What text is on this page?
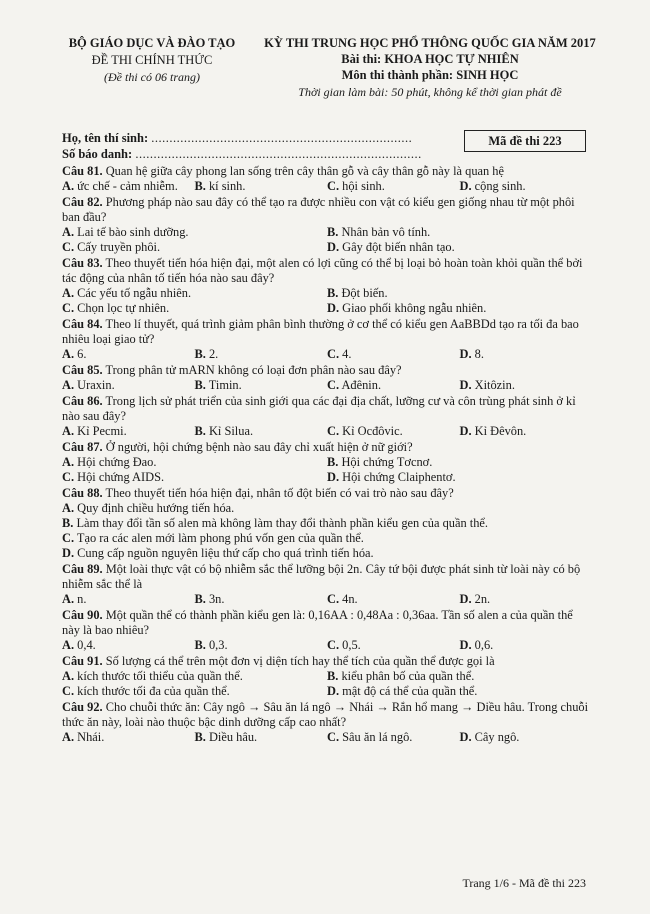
BỘ GIÁO DỤC VÀ ĐÀO TẠO
ĐỀ THI CHÍNH THỨC
(Đề thi có 06 trang)
KỲ THI TRUNG HỌC PHỔ THÔNG QUỐC GIA NĂM 2017
Bài thi: KHOA HỌC TỰ NHIÊN
Môn thi thành phần: SINH HỌC
Thời gian làm bài: 50 phút, không kể thời gian phát đề
Họ, tên thí sinh: ........................................................................
Số báo danh: ...............................................................................
Mã đề thi 223
Câu 81. Quan hệ giữa cây phong lan sống trên cây thân gỗ và cây thân gỗ này là quan hệ
A. ức chế - cảm nhiễm.	B. kí sinh.	C. hội sinh.	D. cộng sinh.
Câu 82. Phương pháp nào sau đây có thể tạo ra được nhiều con vật có kiểu gen giống nhau từ một phôi ban đầu?
A. Lai tế bào sinh dưỡng.	B. Nhân bản vô tính.
C. Cấy truyền phôi.	D. Gây đột biến nhân tạo.
Câu 83. Theo thuyết tiến hóa hiện đại, một alen có lợi cũng có thể bị loại bỏ hoàn toàn khỏi quần thể bởi tác động của nhân tố tiến hóa nào sau đây?
A. Các yếu tố ngẫu nhiên.	B. Đột biến.
C. Chọn lọc tự nhiên.	D. Giao phối không ngẫu nhiên.
Câu 84. Theo lí thuyết, quá trình giảm phân bình thường ở cơ thể có kiểu gen AaBBDd tạo ra tối đa bao nhiêu loại giao tử?
A. 6.	B. 2.	C. 4.	D. 8.
Câu 85. Trong phân tử mARN không có loại đơn phân nào sau đây?
A. Uraxin.	B. Timin.	C. Ađênin.	D. Xitôzin.
Câu 86. Trong lịch sử phát triển của sinh giới qua các đại địa chất, lưỡng cư và côn trùng phát sinh ở kỉ nào sau đây?
A. Kỉ Pecmi.	B. Kỉ Silua.	C. Kỉ Ocđôvic.	D. Kỉ Đêvôn.
Câu 87. Ở người, hội chứng bệnh nào sau đây chỉ xuất hiện ở nữ giới?
A. Hội chứng Đao.	B. Hội chứng Tơcnơ.
C. Hội chứng AIDS.	D. Hội chứng Claiphentơ.
Câu 88. Theo thuyết tiến hóa hiện đại, nhân tố đột biến có vai trò nào sau đây?
A. Quy định chiều hướng tiến hóa.
B. Làm thay đổi tần số alen mà không làm thay đổi thành phần kiểu gen của quần thể.
C. Tạo ra các alen mới làm phong phú vốn gen của quần thể.
D. Cung cấp nguồn nguyên liệu thứ cấp cho quá trình tiến hóa.
Câu 89. Một loài thực vật có bộ nhiễm sắc thể lưỡng bội 2n. Cây tứ bội được phát sinh từ loài này có bộ nhiễm sắc thể là
A. n.	B. 3n.	C. 4n.	D. 2n.
Câu 90. Một quần thể có thành phần kiểu gen là: 0,16AA : 0,48Aa : 0,36aa. Tần số alen a của quần thể này là bao nhiêu?
A. 0,4.	B. 0,3.	C. 0,5.	D. 0,6.
Câu 91. Số lượng cá thể trên một đơn vị diện tích hay thể tích của quần thể được gọi là
A. kích thước tối thiểu của quần thể.	B. kiểu phân bố của quần thể.
C. kích thước tối đa của quần thể.	D. mật độ cá thể của quần thể.
Câu 92. Cho chuỗi thức ăn: Cây ngô → Sâu ăn lá ngô → Nhái → Rắn hổ mang → Diều hâu. Trong chuỗi thức ăn này, loài nào thuộc bậc dinh dưỡng cấp cao nhất?
A. Nhái.	B. Diều hâu.	C. Sâu ăn lá ngô.	D. Cây ngô.
Trang 1/6 - Mã đề thi 223
